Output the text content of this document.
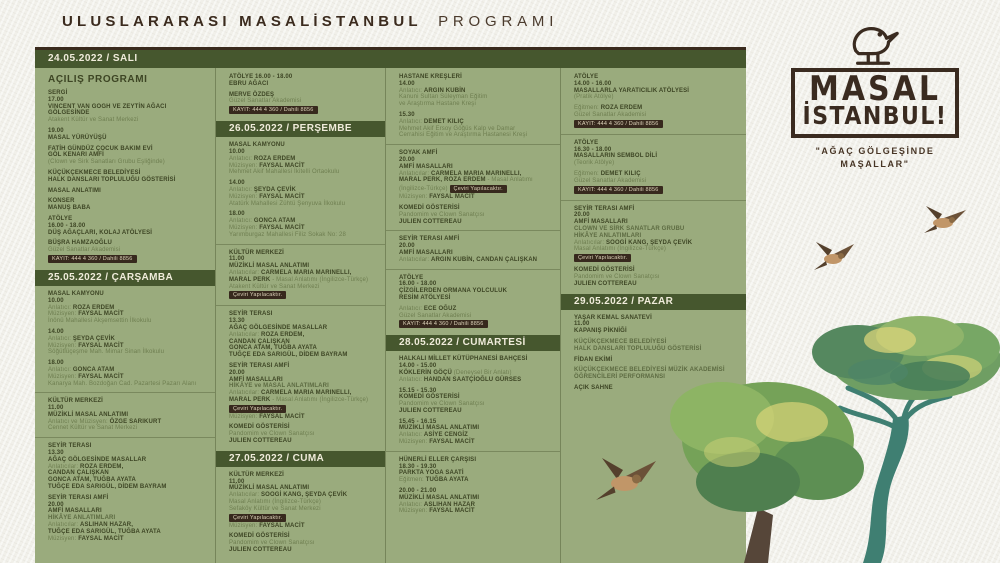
ULUSLARARASI MASALİSTANBUL PROGRAMI
24.05.2022 / SALI
AÇILIŞ PROGRAMI
SERGİ
17.00
VINCENT VAN GOGH VE ZEYTİN AĞACI
GÖLGESİNDE
Atakent Kültür ve Sanat Merkezi
19.00
MASAL YÜRÜYÜŞÜ
FATİH GÜNDÜZ ÇOCUK BAKIM EVİ
GÖL KENARI AMFİ
(Clown ve Sirk Sanatları Grubu Eşliğinde)
KÜÇÜKÇEKMECE BELEDİYESİ
HALK DANSLARI TOPLULUĞU GÖSTERİSİ
MASAL ANLATIMI
KONSER
MANUŞ BABA
ATÖLYE
16.00 - 18.00
DÜŞ AĞAÇLARI, KOLAJ ATÖLYESİ
BÜŞRA HAMZAOĞLU
Güzel Sanatlar Akademisi
KAYIT: 444 4 360 / Dahili 8856
25.05.2022 / ÇARŞAMBA
MASAL KAMYONU
10.00
Anlatıcı: ROZA ERDEM
Müzisyen: FAYSAL MACİT
İnönü Mahallesi Akşemsettin İlkokulu
14.00
Anlatıcı: ŞEYDA ÇEVİK
Müzisyen: FAYSAL MACİT
Söğütlüçeşme Mah. Mimar Sinan İlkokulu
18.00
Anlatıcı: GONCA ATAM
Müzisyen: FAYSAL MACİT
Kanarya Mah. Bozdoğan Cad. Pazartesi Pazarı Alanı
KÜLTÜR MERKEZİ
11.00
MÜZİKLİ MASAL ANLATIMI
Anlatıcı ve Müzisyen: ÖZGE SARIKURT
Cennet Kültür ve Sanat Merkezi
SEYİR TERASI
13.30
AĞAÇ GÖLGESİNDE MASALLAR
Anlatıcılar: ROZA ERDEM,
CANDAN ÇALIŞKAN
GONCA ATAM, TUĞBA AYATA
TUĞÇE EDA SARIGÜL, DİDEM BAYRAM
SEYİR TERASI AMFİ
20.00
AMFİ MASALLARI
HİKÂYE ANLATIMLARI
Anlatıcılar: ASLIHAN HAZAR,
TUĞÇE EDA SARIGÜL, TUĞBA AYATA
Müzisyen: FAYSAL MACİT
ATÖLYE 16.00 - 18.00
EBRU AĞACI
MERVE ÖZDEŞ
Güzel Sanatlar Akademisi
KAYIT: 444 4 360 / Dahili 8856
26.05.2022 / PERŞEMBE
MASAL KAMYONU
10.00
Anlatıcı: ROZA ERDEM
Müzisyen: FAYSAL MACİT
Mehmet Akif Mahallesi İkitelli Ortaokulu
14.00
Anlatıcı: ŞEYDA ÇEVİK
Müzisyen: FAYSAL MACİT
Atatürk Mahallesi Zühtü Şenyuva İlkokulu
18.00
Anlatıcı: GONCA ATAM
Müzisyen: FAYSAL MACİT
Yarımburgaz Mahallesi Filiz Sokak No: 28
KÜLTÜR MERKEZİ
11.00
MÜZİKLİ MASAL ANLATIMI
Anlatıcılar: CARMELA MARIA MARINELLI,
MARAL PERK - Masal Anlatımı (İngilizce-Türkçe)
Atakent Kültür ve Sanat Merkezi
Çeviri Yapılacaktır.
SEYİR TERASI
13.30
AĞAÇ GÖLGESİNDE MASALLAR
Anlatıcılar: ROZA ERDEM,
CANDAN ÇALIŞKAN
GONCA ATAM, TUĞBA AYATA
TUĞÇE EDA SARIGÜL, DİDEM BAYRAM
SEYİR TERASI AMFİ
20.00
AMFİ MASALLARI
HİKÂYE ve MASAL ANLATIMLARI
Anlatıcılar: CARMELA MARIA MARINELLI,
MARAL PERK - Masal Anlatımı (İngilizce-Türkçe)
Çeviri Yapılacaktır.
Müzisyen: FAYSAL MACİT
KOMEDİ GÖSTERİSİ
Pandomim ve Clown Sanatçısı
JULIEN COTTEREAU
27.05.2022 / CUMA
KÜLTÜR MERKEZİ
11.00
MÜZİKLİ MASAL ANLATIMI
Anlatıcılar: SOOGİ KANG, ŞEYDA ÇEVİK
Masal Anlatımı (İngilizce-Türkçe)
Sefaköy Kültür ve Sanat Merkezi
Çeviri Yapılacaktır.
Müzisyen: FAYSAL MACİT
KOMEDİ GÖSTERİSİ
Pandomim ve Clown Sanatçısı
JULIEN COTTEREAU
HASTANE KREŞLERİ
14.00
Anlatıcı: ARGIN KUBİN
Kanuni Sultan Süleyman Eğitim
ve Araştırma Hastane Kreşi
15.30
Anlatıcı: DEMET KILIÇ
Mehmet Akif Ersoy Göğüs Kalp ve Damar
Cerrahisi Eğitim ve Araştırma Hastanesi Kreşi
SOYAK AMFİ
20.00
AMFİ MASALLARI
Anlatıcılar: CARMELA MARIA MARINELLI,
MARAL PERK, ROZA ERDEM - Masal Anlatımı
(İngilizce-Türkçe) Çeviri Yapılacaktır.
Müzisyen: FAYSAL MACİT
KOMEDİ GÖSTERİSİ
Pandomim ve Clown Sanatçısı
JULIEN COTTEREAU
SEYİR TERASI AMFİ
20.00
AMFİ MASALLARI
Anlatıcılar: ARGIN KUBİN, CANDAN ÇALIŞKAN
ATÖLYE
16.00 - 18.00
ÇİZGİLERDEN ORMANA YOLCULUK
RESİM ATÖLYESİ
Anlatıcı: ECE OĞUZ
Güzel Sanatlar Akademisi
KAYIT: 444 4 360 / Dahili 8856
28.05.2022 / CUMARTESİ
HALKALI MİLLET KÜTÜPHANESİ BAHÇESİ
14.00 - 15.00
KÖKLERİN GÖÇÜ (Deneysel Bir Anlatı)
Anlatıcı: HANDAN SAATÇİOĞLU GÜRSES
15.15 - 15.30
KOMEDİ GÖSTERİSİ
Pandomim ve Clown Sanatçısı
JULIEN COTTEREAU
15.45 - 16.15
MÜZİKLİ MASAL ANLATIMI
Anlatıcı: ASİYE CENGİZ
Müzisyen: FAYSAL MACİT
HÜNERLİ ELLER ÇARŞISI
18.30 - 19.30
PARKTA YOGA SAATİ
Eğitmen: TUĞBA AYATA
20.00 - 21.00
MÜZİKLİ MASAL ANLATIMI
Anlatıcı: ASLIHAN HAZAR
Müzisyen: FAYSAL MACİT
ATÖLYE
14.00 - 16.00
MASALLARLA YARATICILIK ATÖLYESİ
(Pratik Atölye)
Eğitmen: ROZA ERDEM
Güzel Sanatlar Akademisi
KAYIT: 444 4 360 / Dahili 8856
ATÖLYE
16.30 - 18.00
MASALLARIN SEMBOL DİLİ
(Teorik Atölye)
Eğitmen: DEMET KILIÇ
Güzel Sanatlar Akademisi
KAYIT: 444 4 360 / Dahili 8856
SEYİR TERASI AMFİ
20.00
AMFİ MASALLARI
CLOWN VE SİRK SANATLAR GRUBU
HİKÂYE ANLATIMLARI
Anlatıcılar: SOOGİ KANG, ŞEYDA ÇEVİK
Masal Anlatımı (İngilizce-Türkçe)
Çeviri Yapılacaktır.
KOMEDİ GÖSTERİSİ
Pandomim ve Clown Sanatçısı
JULIEN COTTEREAU
29.05.2022 / PAZAR
YAŞAR KEMAL SANATEVİ
11.00
KAPANIŞ PİKNİĞİ
KÜÇÜKÇEKMECE BELEDİYESİ
HALK DANSLARI TOPLULUĞU GÖSTERİSİ
FİDAN EKİMİ
KÜÇÜKÇEKMECE BELEDİYESİ MÜZİK AKADEMİSİ
ÖĞRENCİLERİ PERFORMANSI
AÇIK SAHNE
MASAL
İSTANBUL!
"AĞAÇ GÖLGEŞİNDE
MAŞALLAR"
